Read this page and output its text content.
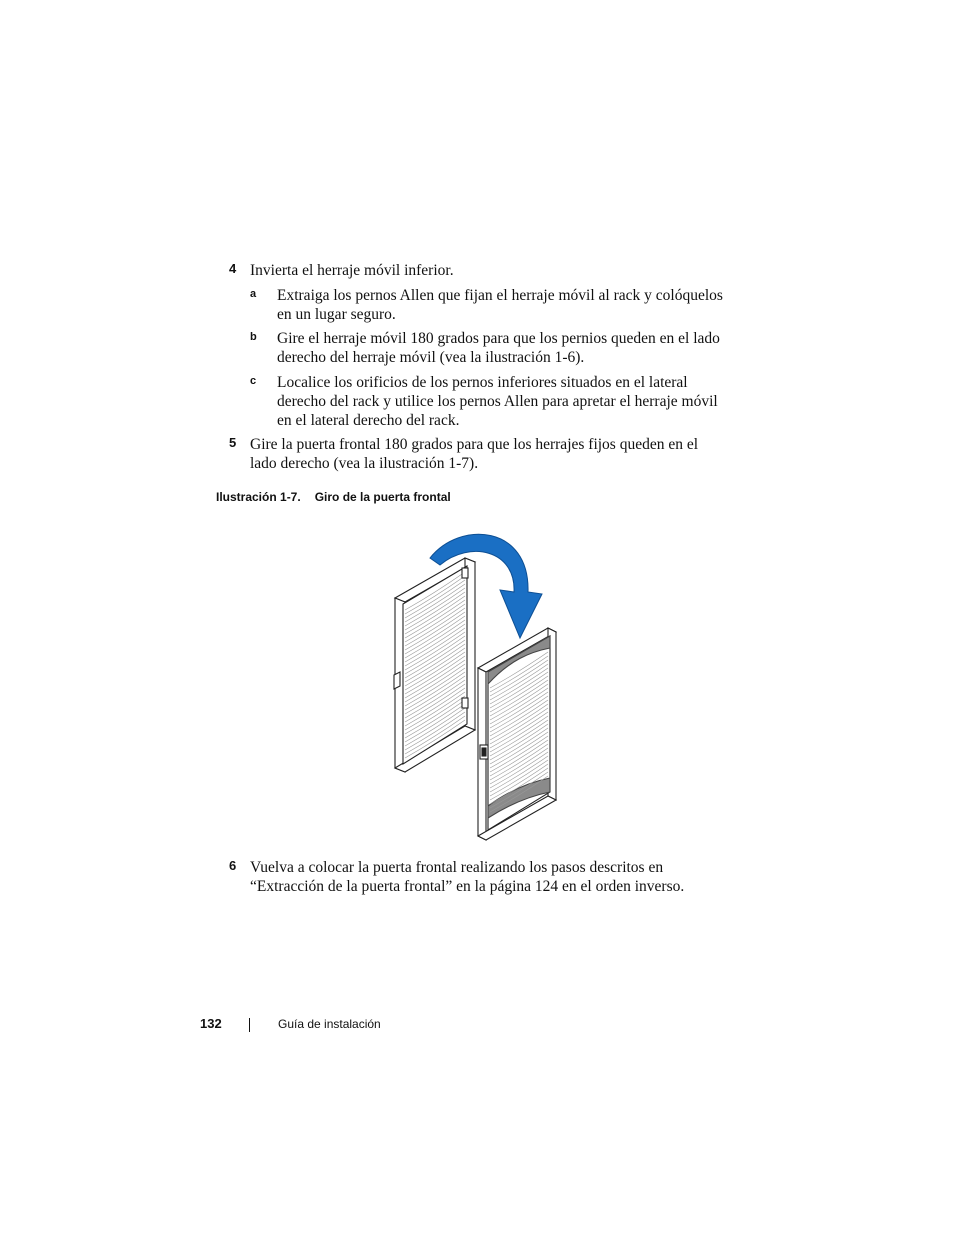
4 Invierta el herraje móvil inferior.
a Extraiga los pernos Allen que fijan el herraje móvil al rack y colóquelos
en un lugar seguro.
b Gire el herraje móvil 180 grados para que los pernios queden en el lado
derecho del herraje móvil (vea la ilustración 1-6).
c Localice los orificios de los pernos inferiores situados en el lateral
derecho del rack y utilice los pernos Allen para apretar el herraje móvil
en el lateral derecho del rack.
5 Gire la puerta frontal 180 grados para que los herrajes fijos queden en el
lado derecho (vea la ilustración 1-7).
Ilustración 1-7. Giro de la puerta frontal
6 Vuelva a colocar la puerta frontal realizando los pasos descritos en
“Extracción de la puerta frontal” en la página 124 en el orden inverso.
132	Guía de instalación
